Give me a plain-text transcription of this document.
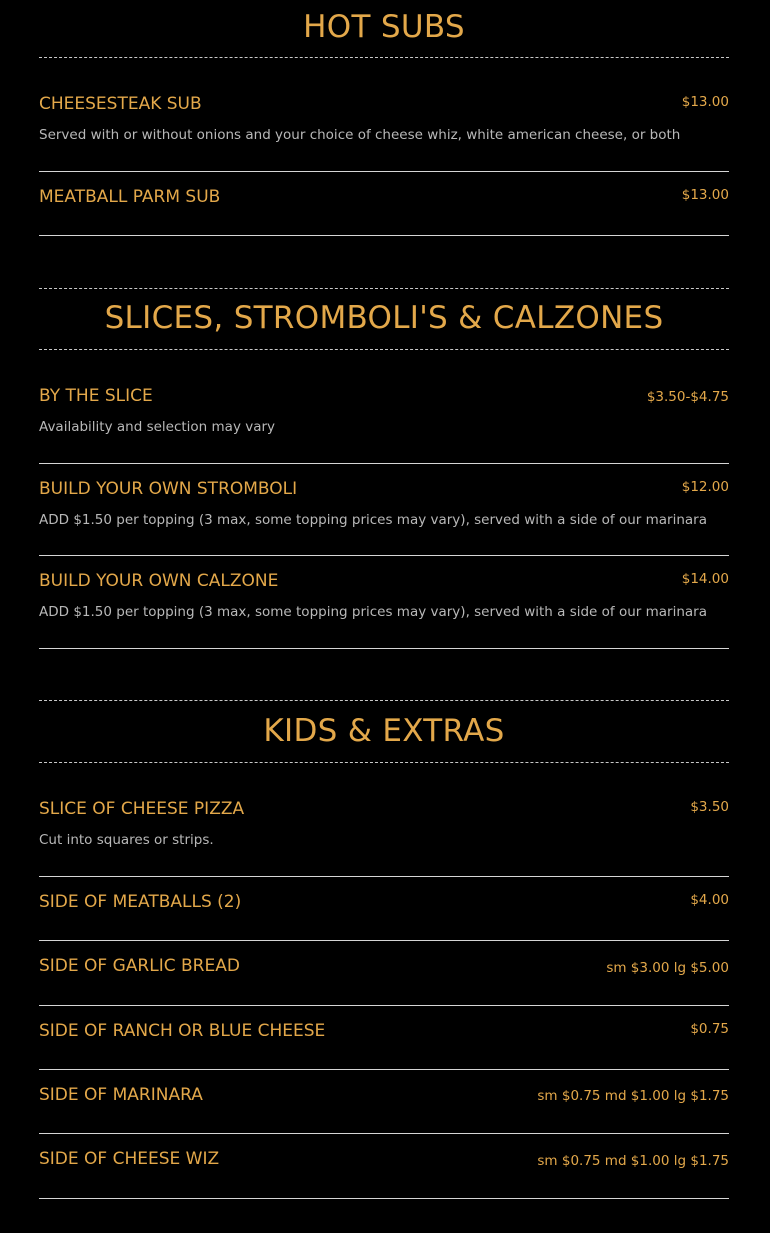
HOT SUBS
CHEESESTEAK SUB	$13.00
Served with or without onions and your choice of cheese whiz, white american cheese, or both
MEATBALL PARM SUB	$13.00
SLICES, STROMBOLI'S & CALZONES
BY THE SLICE	$3.50-$4.75
Availability and selection may vary
BUILD YOUR OWN STROMBOLI	$12.00
ADD $1.50 per topping (3 max, some topping prices may vary), served with a side of our marinara
BUILD YOUR OWN CALZONE	$14.00
ADD $1.50 per topping (3 max, some topping prices may vary), served with a side of our marinara
KIDS & EXTRAS
SLICE OF CHEESE PIZZA	$3.50
Cut into squares or strips.
SIDE OF MEATBALLS (2)	$4.00
SIDE OF GARLIC BREAD	sm $3.00 lg $5.00
SIDE OF RANCH OR BLUE CHEESE	$0.75
SIDE OF MARINARA	sm $0.75 md $1.00 lg $1.75
SIDE OF CHEESE WIZ	sm $0.75 md $1.00 lg $1.75
